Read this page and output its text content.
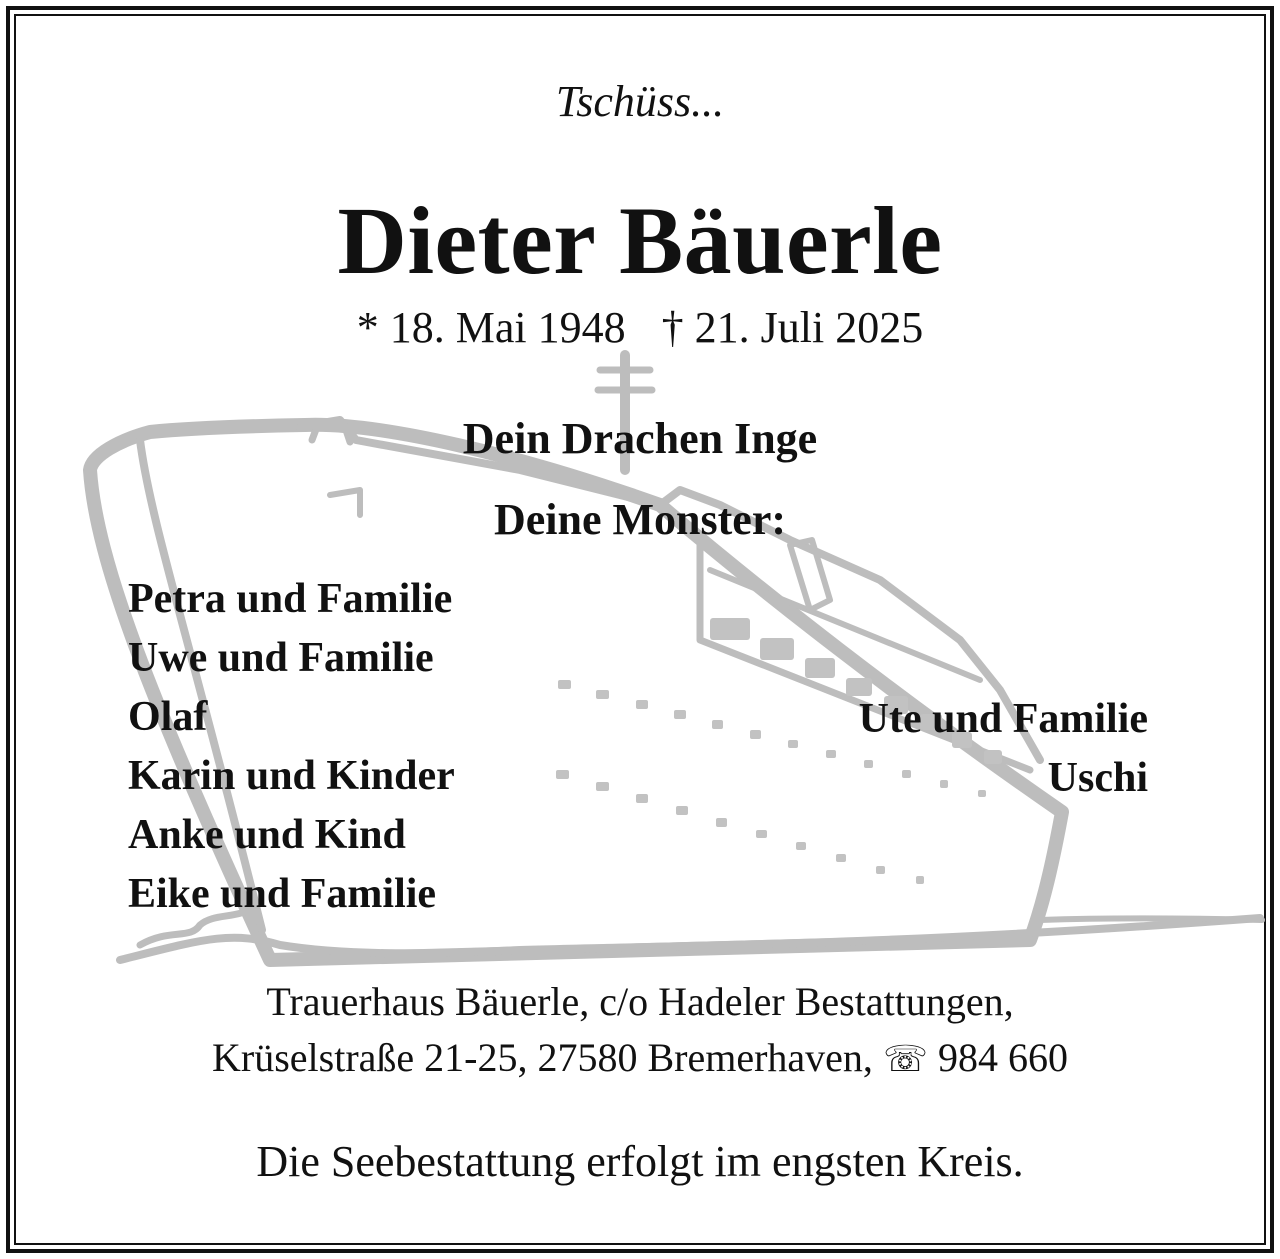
Tschüss...

Dieter Bäuerle

* 18. Mai 1948 † 21. Juli 2025

Dein Drachen Inge

Deine Monster:

Petra und Familie
Uwe und Familie
Olaf
Karin und Kinder
Anke und Kind
Eike und Familie
Ute und Familie
Uschi

Trauerhaus Bäuerle, c/o Hadeler Bestattungen,
Krüselstraße 21-25, 27580 Bremerhaven, ☏ 984 660

Die Seebestattung erfolgt im engsten Kreis.
